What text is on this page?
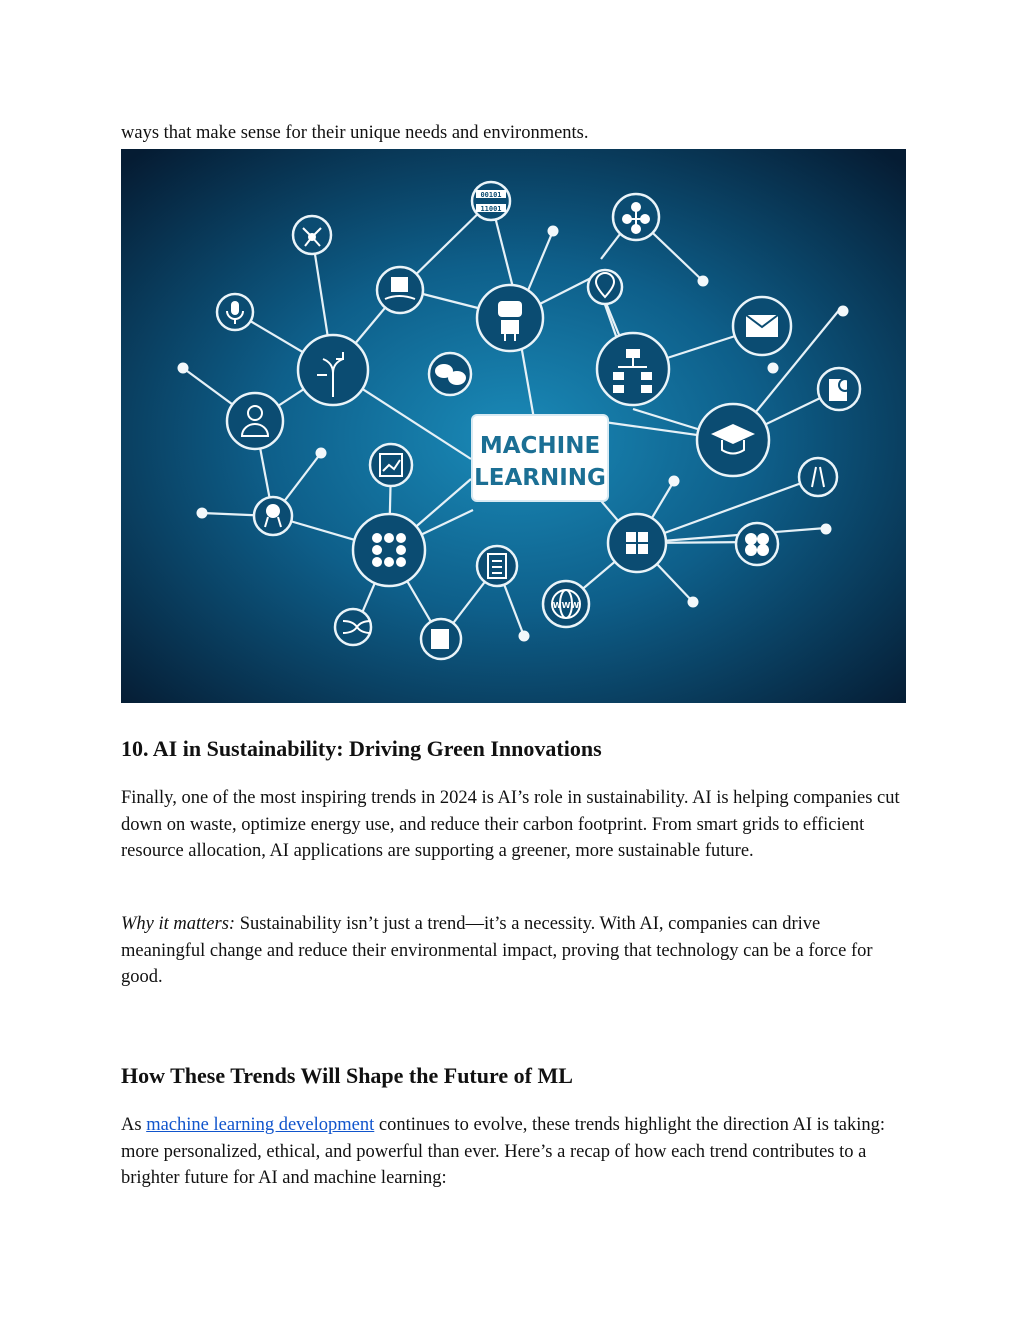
ways that make sense for their unique needs and environments.

00101
11001
WWW
MACHINE
LEARNING
10. AI in Sustainability: Driving Green Innovations

Finally, one of the most inspiring trends in 2024 is AI’s role in sustainability. AI is helping companies cut down on waste, optimize energy use, and reduce their carbon footprint. From smart grids to efficient resource allocation, AI applications are supporting a greener, more sustainable future.

Why it matters: Sustainability isn’t just a trend—it’s a necessity. With AI, companies can drive meaningful change and reduce their environmental impact, proving that technology can be a force for good.

How These Trends Will Shape the Future of ML

As machine learning development continues to evolve, these trends highlight the direction AI is taking: more personalized, ethical, and powerful than ever. Here’s a recap of how each trend contributes to a brighter future for AI and machine learning:
